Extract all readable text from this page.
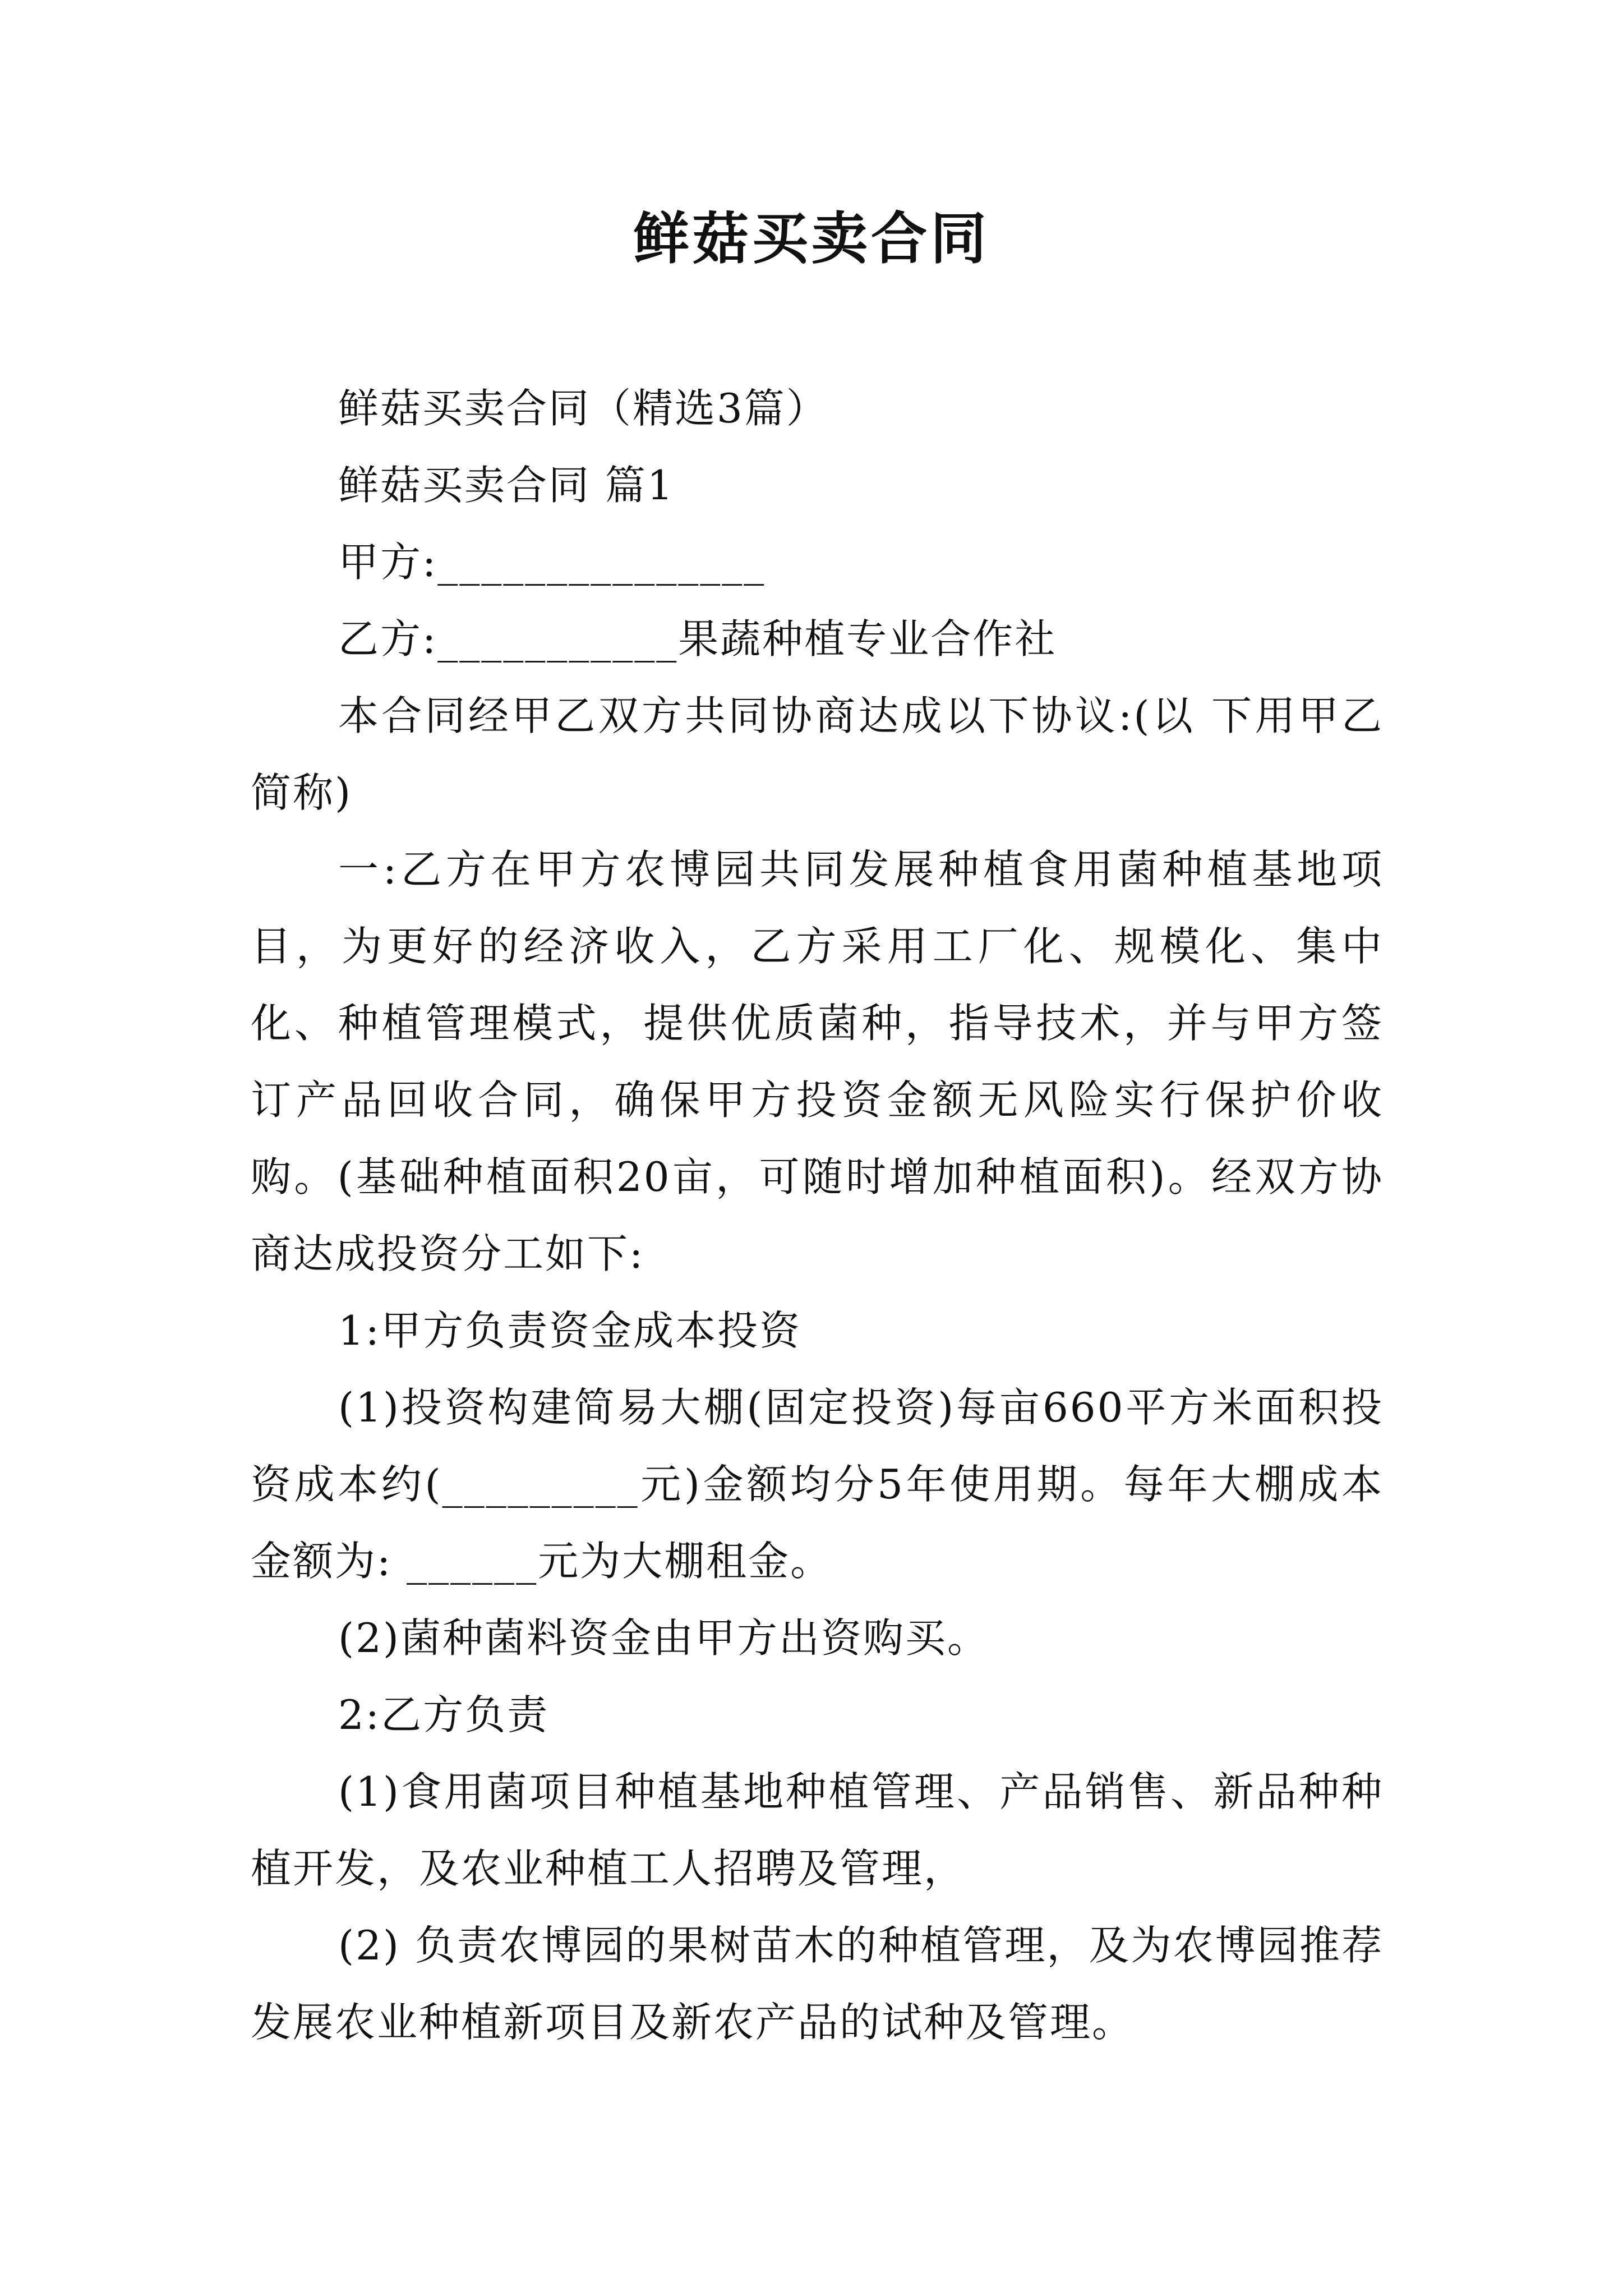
鲜菇买卖合同

鲜菇买卖合同（精选3篇）

鲜菇买卖合同 篇1

甲方:_______________

乙方:___________果蔬种植专业合作社

本合同经甲乙双方共同协商达成以下协议:(以 下用甲乙简称)

一:乙方在甲方农博园共同发展种植食用菌种植基地项目，为更好的经济收入，乙方采用工厂化、规模化、集中化、种植管理模式，提供优质菌种，指导技术，并与甲方签订产品回收合同，确保甲方投资金额无风险实行保护价收购。(基础种植面积20亩，可随时增加种植面积)。经双方协商达成投资分工如下:

1:甲方负责资金成本投资

(1)投资构建简易大棚(固定投资)每亩660平方米面积投资成本约(_________元)金额均分5年使用期。每年大棚成本金额为: ______元为大棚租金。

(2)菌种菌料资金由甲方出资购买。

2:乙方负责

(1)食用菌项目种植基地种植管理、产品销售、新品种种植开发，及农业种植工人招聘及管理，

(2) 负责农博园的果树苗木的种植管理，及为农博园推荐发展农业种植新项目及新农产品的试种及管理。
